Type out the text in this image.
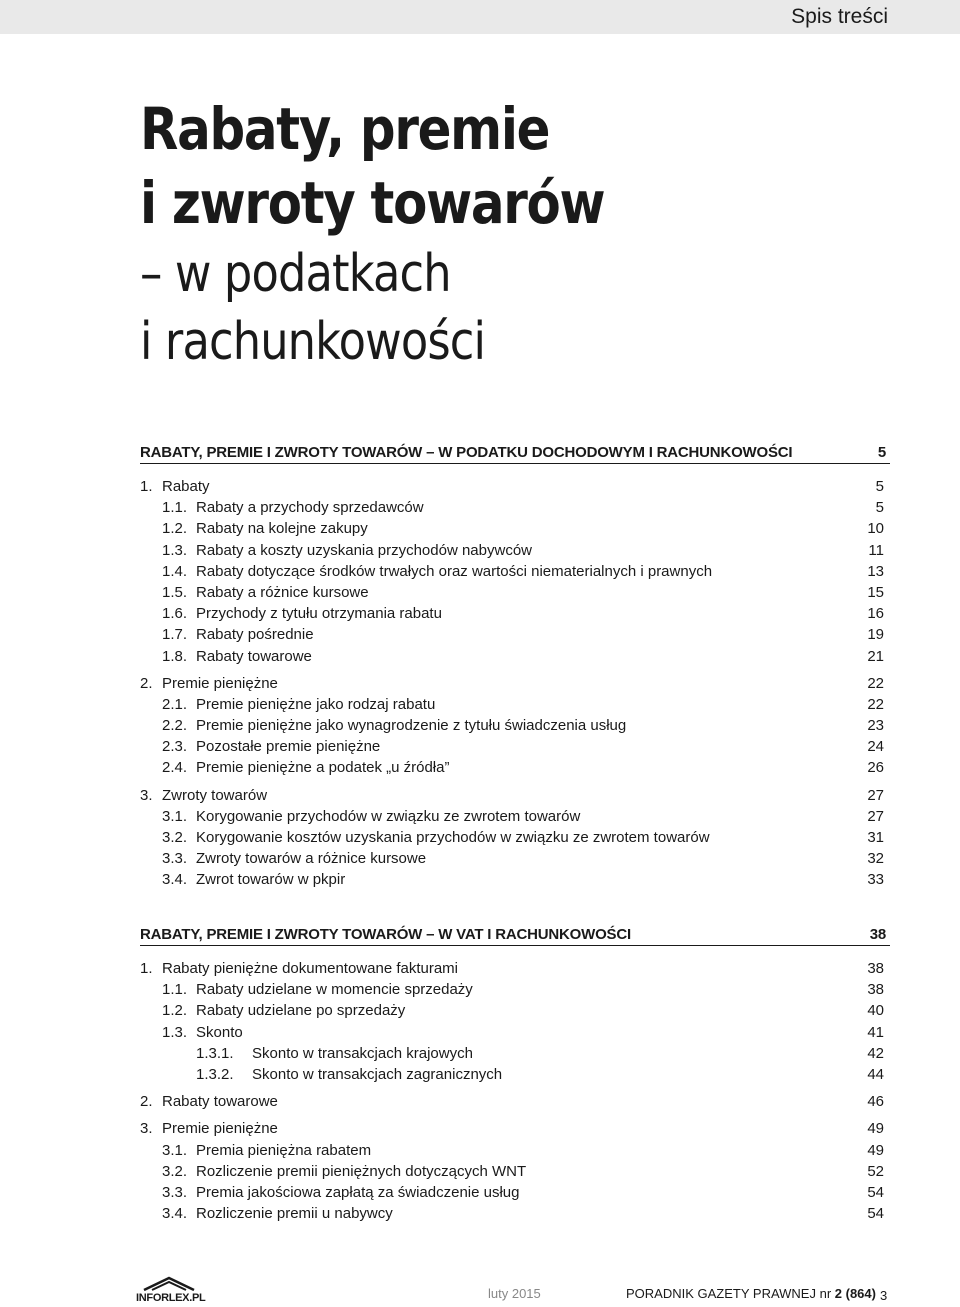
Spis treści
Rabaty, premie
i zwroty towarów
– w podatkach
i rachunkowości
RABATY, PREMIE I ZWROTY TOWARÓW – W PODATKU DOCHODOWYM I RACHUNKOWOŚCI	5
1. Rabaty	5
1.1. Rabaty a przychody sprzedawców	5
1.2. Rabaty na kolejne zakupy	10
1.3. Rabaty a koszty uzyskania przychodów nabywców	11
1.4. Rabaty dotyczące środków trwałych oraz wartości niematerialnych i prawnych	13
1.5. Rabaty a różnice kursowe	15
1.6. Przychody z tytułu otrzymania rabatu	16
1.7. Rabaty pośrednie	19
1.8. Rabaty towarowe	21
2. Premie pieniężne	22
2.1. Premie pieniężne jako rodzaj rabatu	22
2.2. Premie pieniężne jako wynagrodzenie z tytułu świadczenia usług	23
2.3. Pozostałe premie pieniężne	24
2.4. Premie pieniężne a podatek „u źródła”	26
3. Zwroty towarów	27
3.1. Korygowanie przychodów w związku ze zwrotem towarów	27
3.2. Korygowanie kosztów uzyskania przychodów w związku ze zwrotem towarów	31
3.3. Zwroty towarów a różnice kursowe	32
3.4. Zwrot towarów w pkpir	33
RABATY, PREMIE I ZWROTY TOWARÓW – W VAT I RACHUNKOWOŚCI	38
1. Rabaty pieniężne dokumentowane fakturami	38
1.1. Rabaty udzielane w momencie sprzedaży	38
1.2. Rabaty udzielane po sprzedaży	40
1.3. Skonto	41
1.3.1.	Skonto w transakcjach krajowych	42
1.3.2.	Skonto w transakcjach zagranicznych	44
2. Rabaty towarowe	46
3. Premie pieniężne	49
3.1. Premia pieniężna rabatem	49
3.2. Rozliczenie premii pieniężnych dotyczących WNT	52
3.3. Premia jakościowa zapłatą za świadczenie usług	54
3.4. Rozliczenie premii u nabywcy	54
INFORLEX.PL	luty 2015	PORADNIK GAZETY PRAWNEJ nr 2 (864) 3
